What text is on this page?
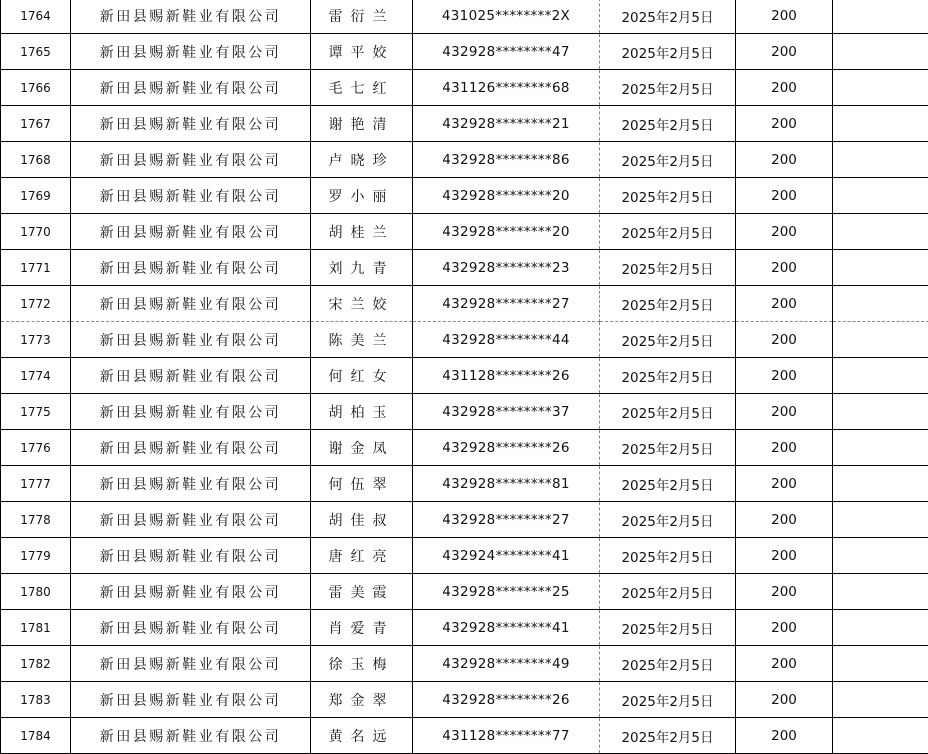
1764	新田县赐新鞋业有限公司	雷衍兰	431025********2X	2025年2月5日	200	
1765	新田县赐新鞋业有限公司	谭平姣	432928********47	2025年2月5日	200	
1766	新田县赐新鞋业有限公司	毛七红	431126********68	2025年2月5日	200	
1767	新田县赐新鞋业有限公司	谢艳清	432928********21	2025年2月5日	200	
1768	新田县赐新鞋业有限公司	卢晓珍	432928********86	2025年2月5日	200	
1769	新田县赐新鞋业有限公司	罗小丽	432928********20	2025年2月5日	200	
1770	新田县赐新鞋业有限公司	胡桂兰	432928********20	2025年2月5日	200	
1771	新田县赐新鞋业有限公司	刘九青	432928********23	2025年2月5日	200	
1772	新田县赐新鞋业有限公司	宋兰姣	432928********27	2025年2月5日	200	
1773	新田县赐新鞋业有限公司	陈美兰	432928********44	2025年2月5日	200	
1774	新田县赐新鞋业有限公司	何红女	431128********26	2025年2月5日	200	
1775	新田县赐新鞋业有限公司	胡柏玉	432928********37	2025年2月5日	200	
1776	新田县赐新鞋业有限公司	谢金凤	432928********26	2025年2月5日	200	
1777	新田县赐新鞋业有限公司	何伍翠	432928********81	2025年2月5日	200	
1778	新田县赐新鞋业有限公司	胡佳叔	432928********27	2025年2月5日	200	
1779	新田县赐新鞋业有限公司	唐红亮	432924********41	2025年2月5日	200	
1780	新田县赐新鞋业有限公司	雷美霞	432928********25	2025年2月5日	200	
1781	新田县赐新鞋业有限公司	肖爱青	432928********41	2025年2月5日	200	
1782	新田县赐新鞋业有限公司	徐玉梅	432928********49	2025年2月5日	200	
1783	新田县赐新鞋业有限公司	郑金翠	432928********26	2025年2月5日	200	
1784	新田县赐新鞋业有限公司	黄名远	431128********77	2025年2月5日	200	
